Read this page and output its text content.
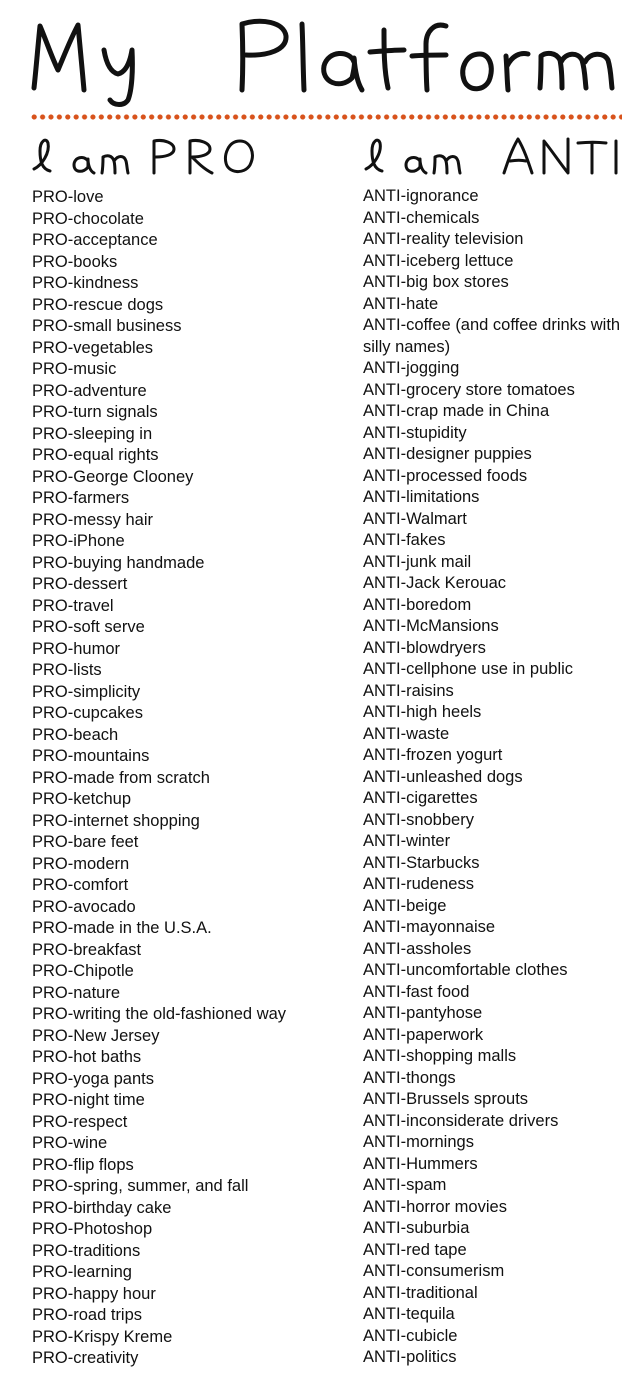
PRO-love
PRO-chocolate
PRO-acceptance
PRO-books
PRO-kindness
PRO-rescue dogs
PRO-small business
PRO-vegetables
PRO-music
PRO-adventure
PRO-turn signals
PRO-sleeping in
PRO-equal rights
PRO-George Clooney
PRO-farmers
PRO-messy hair
PRO-iPhone
PRO-buying handmade
PRO-dessert
PRO-travel
PRO-soft serve
PRO-humor
PRO-lists
PRO-simplicity
PRO-cupcakes
PRO-beach
PRO-mountains
PRO-made from scratch
PRO-ketchup
PRO-internet shopping
PRO-bare feet
PRO-modern
PRO-comfort
PRO-avocado
PRO-made in the U.S.A.
PRO-breakfast
PRO-Chipotle
PRO-nature
PRO-writing the old-fashioned way
PRO-New Jersey
PRO-hot baths
PRO-yoga pants
PRO-night time
PRO-respect
PRO-wine
PRO-flip flops
PRO-spring, summer, and fall
PRO-birthday cake
PRO-Photoshop
PRO-traditions
PRO-learning
PRO-happy hour
PRO-road trips
PRO-Krispy Kreme
PRO-creativity
ANTI-ignorance
ANTI-chemicals
ANTI-reality television
ANTI-iceberg lettuce
ANTI-big box stores
ANTI-hate
ANTI-coffee (and coffee drinks with silly names)
ANTI-jogging
ANTI-grocery store tomatoes
ANTI-crap made in China
ANTI-stupidity
ANTI-designer puppies
ANTI-processed foods
ANTI-limitations
ANTI-Walmart
ANTI-fakes
ANTI-junk mail
ANTI-Jack Kerouac
ANTI-boredom
ANTI-McMansions
ANTI-blowdryers
ANTI-cellphone use in public
ANTI-raisins
ANTI-high heels
ANTI-waste
ANTI-frozen yogurt
ANTI-unleashed dogs
ANTI-cigarettes
ANTI-snobbery
ANTI-winter
ANTI-Starbucks
ANTI-rudeness
ANTI-beige
ANTI-mayonnaise
ANTI-assholes
ANTI-uncomfortable clothes
ANTI-fast food
ANTI-pantyhose
ANTI-paperwork
ANTI-shopping malls
ANTI-thongs
ANTI-Brussels sprouts
ANTI-inconsiderate drivers
ANTI-mornings
ANTI-Hummers
ANTI-spam
ANTI-horror movies
ANTI-suburbia
ANTI-red tape
ANTI-consumerism
ANTI-traditional
ANTI-tequila
ANTI-cubicle
ANTI-politics
